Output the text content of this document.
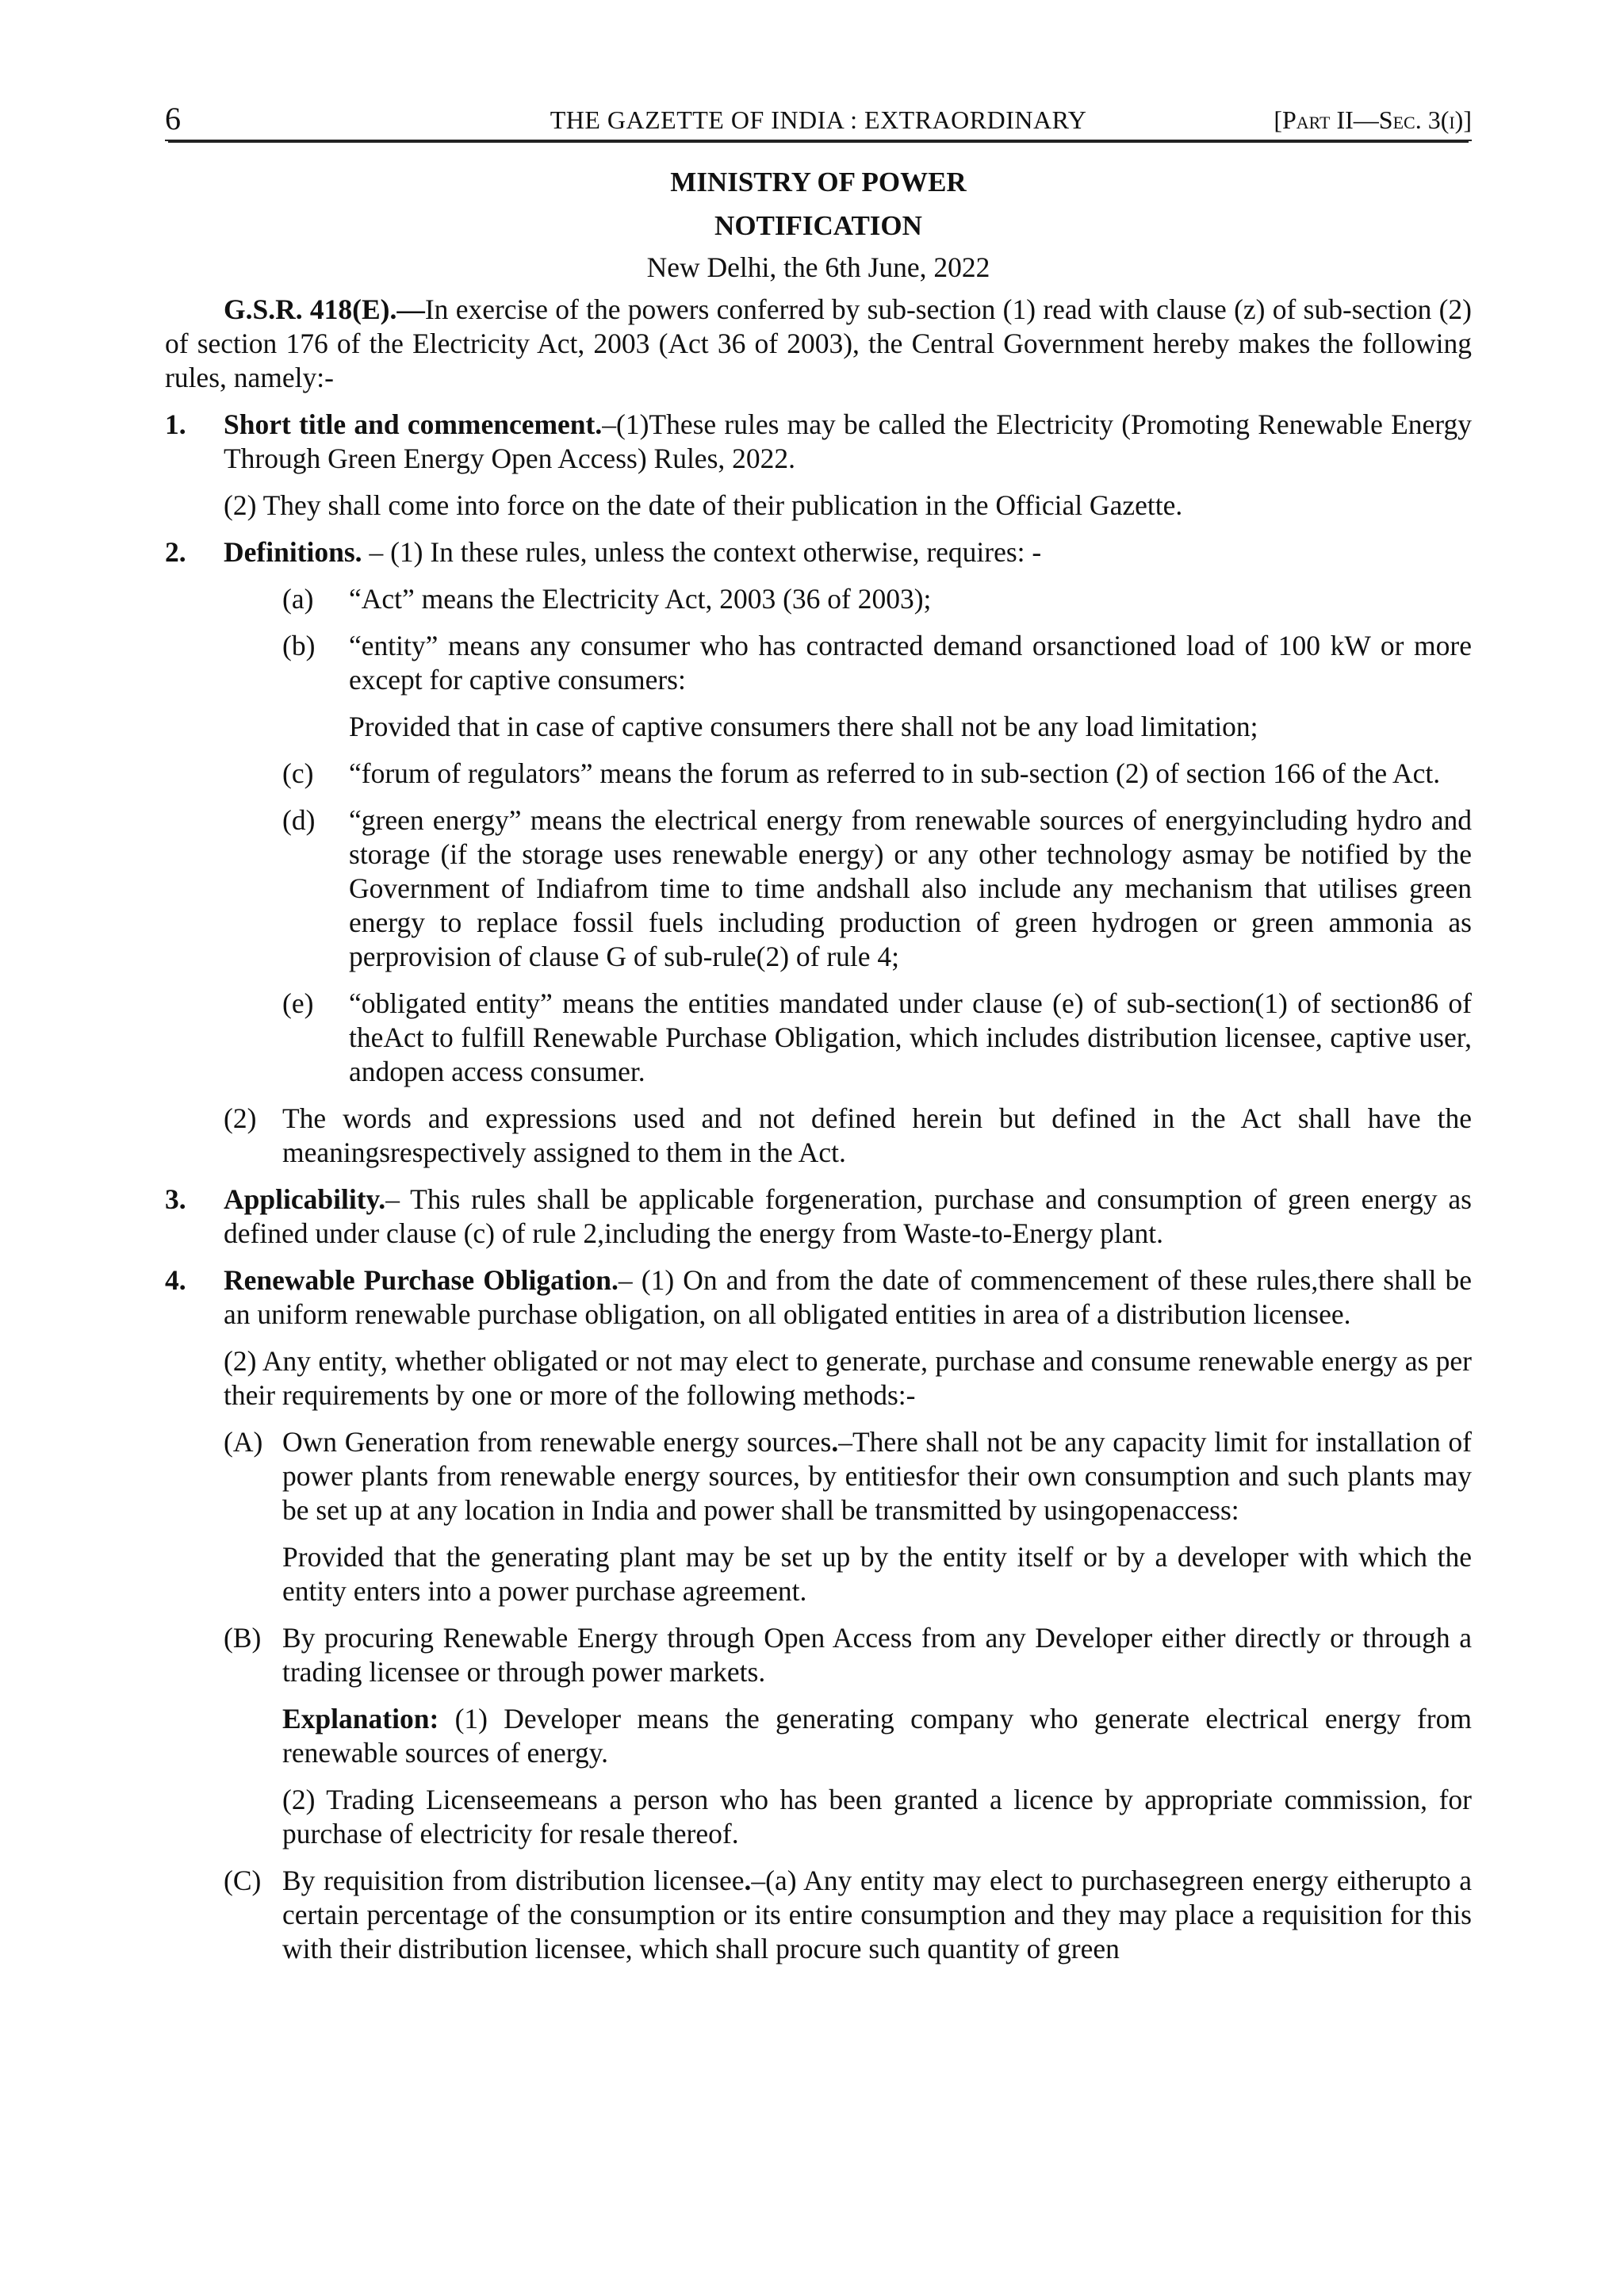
6	THE GAZETTE OF INDIA : EXTRAORDINARY	[Part II—Sec. 3(i)]
MINISTRY OF POWER
NOTIFICATION
New Delhi, the 6th June, 2022

G.S.R. 418(E).—In exercise of the powers conferred by sub-section (1) read with clause (z) of sub-section (2) of section 176 of the Electricity Act, 2003 (Act 36 of 2003), the Central Government hereby makes the following rules, namely:-

1. Short title and commencement.–(1)These rules may be called the Electricity (Promoting Renewable Energy Through Green Energy Open Access) Rules, 2022.

(2) They shall come into force on the date of their publication in the Official Gazette.

2. Definitions. – (1) In these rules, unless the context otherwise, requires: -

(a) “Act” means the Electricity Act, 2003 (36 of 2003);

(b) “entity” means any consumer who has contracted demand orsanctioned load of 100 kW or more except for captive consumers:

Provided that in case of captive consumers there shall not be any load limitation;

(c) “forum of regulators” means the forum as referred to in sub-section (2) of section 166 of the Act.

(d) “green energy” means the electrical energy from renewable sources of energyincluding hydro and storage (if the storage uses renewable energy) or any other technology asmay be notified by the Government of Indiafrom time to time andshall also include any mechanism that utilises green energy to replace fossil fuels including production of green hydrogen or green ammonia as perprovision of clause G of sub-rule(2) of rule 4;

(e) “obligated entity” means the entities mandated under clause (e) of sub-section(1) of section86 of theAct to fulfill Renewable Purchase Obligation, which includes distribution licensee, captive user, andopen access consumer.

(2) The words and expressions used and not defined herein but defined in the Act shall have the meaningsrespectively assigned to them in the Act.

3. Applicability.– This rules shall be applicable forgeneration, purchase and consumption of green energy as defined under clause (c) of rule 2,including the energy from Waste-to-Energy plant.

4. Renewable Purchase Obligation.– (1) On and from the date of commencement of these rules,there shall be an uniform renewable purchase obligation, on all obligated entities in area of a distribution licensee.

(2) Any entity, whether obligated or not may elect to generate, purchase and consume renewable energy as per their requirements by one or more of the following methods:-

(A) Own Generation from renewable energy sources.–There shall not be any capacity limit for installation of power plants from renewable energy sources, by entitiesfor their own consumption and such plants may be set up at any location in India and power shall be transmitted by usingopenaccess:

Provided that the generating plant may be set up by the entity itself or by a developer with which the entity enters into a power purchase agreement.

(B) By procuring Renewable Energy through Open Access from any Developer either directly or through a trading licensee or through power markets.

Explanation: (1) Developer means the generating company who generate electrical energy from renewable sources of energy.

(2) Trading Licenseemeans a person who has been granted a licence by appropriate commission, for purchase of electricity for resale thereof.

(C) By requisition from distribution licensee.–(a) Any entity may elect to purchasegreen energy eitherupto a certain percentage of the consumption or its entire consumption and they may place a requisition for this with their distribution licensee, which shall procure such quantity of green
